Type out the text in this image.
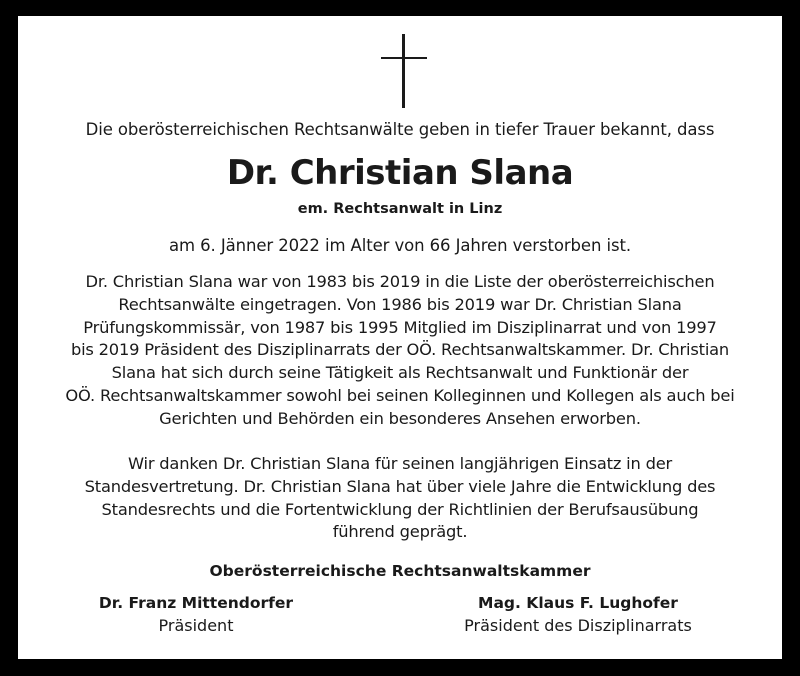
Die oberösterreichischen Rechtsanwälte geben in tiefer Trauer bekannt, dass
Dr. Christian Slana
em. Rechtsanwalt in Linz
am 6. Jänner 2022 im Alter von 66 Jahren verstorben ist.
Dr. Christian Slana war von 1983 bis 2019 in die Liste der oberösterreichischen
Rechtsanwälte eingetragen. Von 1986 bis 2019 war Dr. Christian Slana
Prüfungskommissär, von 1987 bis 1995 Mitglied im Disziplinarrat und von 1997
bis 2019 Präsident des Disziplinarrats der OÖ. Rechtsanwaltskammer. Dr. Christian
Slana hat sich durch seine Tätigkeit als Rechtsanwalt und Funktionär der
OÖ. Rechtsanwaltskammer sowohl bei seinen Kolleginnen und Kollegen als auch bei
Gerichten und Behörden ein besonderes Ansehen erworben.
Wir danken Dr. Christian Slana für seinen langjährigen Einsatz in der
Standesvertretung. Dr. Christian Slana hat über viele Jahre die Entwicklung des
Standesrechts und die Fortentwicklung der Richtlinien der Berufsausübung
führend geprägt.
Oberösterreichische Rechtsanwaltskammer
Dr. Franz Mittendorfer
Präsident
Mag. Klaus F. Lughofer
Präsident des Disziplinarrats
